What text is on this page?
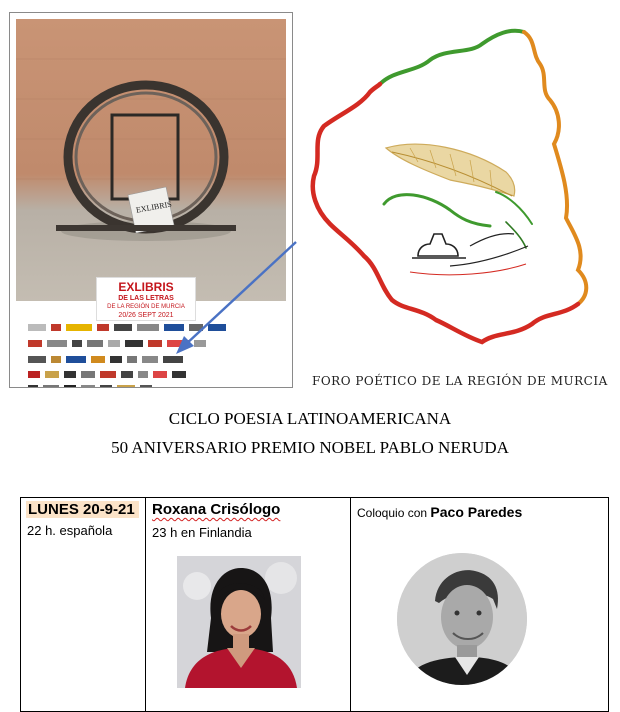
EXLIBRIS
EXLIBRIS
DE LAS LETRAS
DE LA REGIÓN DE MURCIA
20/26 SEPT 2021
FORO POÉTICO DE LA REGIÓN DE MURCIA
CICLO POESIA LATINOAMERICANA
50 ANIVERSARIO PREMIO NOBEL PABLO NERUDA
LUNES 20-9-21
22 h. española
Roxana Crisólogo
23 h en Finlandia
Coloquio con Paco Paredes
